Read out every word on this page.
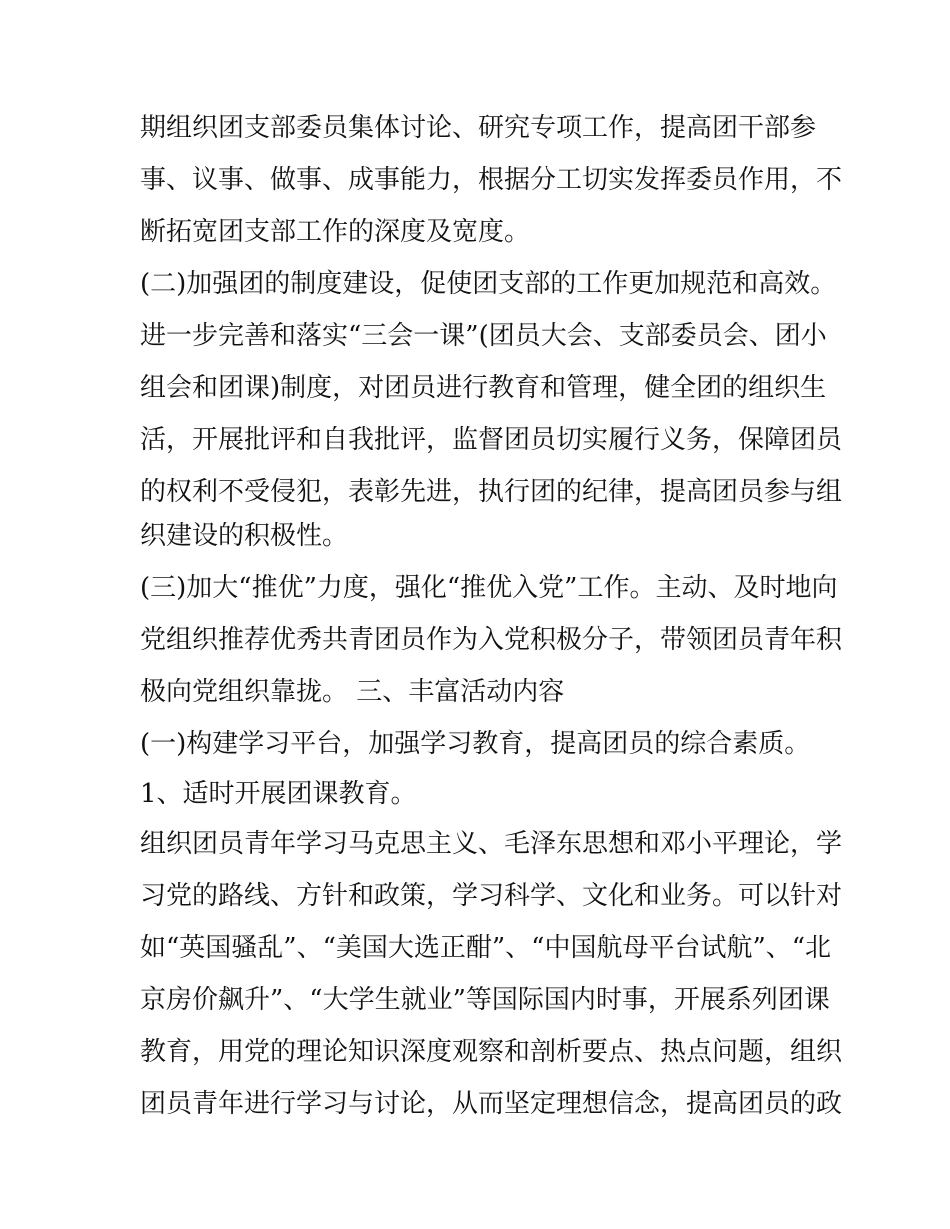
期组织团支部委员集体讨论、研究专项工作，提高团干部参

事、议事、做事、成事能力，根据分工切实发挥委员作用，不

断拓宽团支部工作的深度及宽度。

(二)加强团的制度建设，促使团支部的工作更加规范和高效。

进一步完善和落实“三会一课”(团员大会、支部委员会、团小

组会和团课)制度，对团员进行教育和管理，健全团的组织生

活，开展批评和自我批评，监督团员切实履行义务，保障团员

的权利不受侵犯，表彰先进，执行团的纪律，提高团员参与组

织建设的积极性。

(三)加大“推优”力度，强化“推优入党”工作。主动、及时地向

党组织推荐优秀共青团员作为入党积极分子，带领团员青年积

极向党组织靠拢。 三、丰富活动内容

(一)构建学习平台，加强学习教育，提高团员的综合素质。

1、适时开展团课教育。

组织团员青年学习马克思主义、毛泽东思想和邓小平理论，学

习党的路线、方针和政策，学习科学、文化和业务。可以针对

如“英国骚乱”、“美国大选正酣”、“中国航母平台试航”、“北

京房价飙升”、“大学生就业”等国际国内时事，开展系列团课

教育，用党的理论知识深度观察和剖析要点、热点问题，组织

团员青年进行学习与讨论，从而坚定理想信念，提高团员的政
